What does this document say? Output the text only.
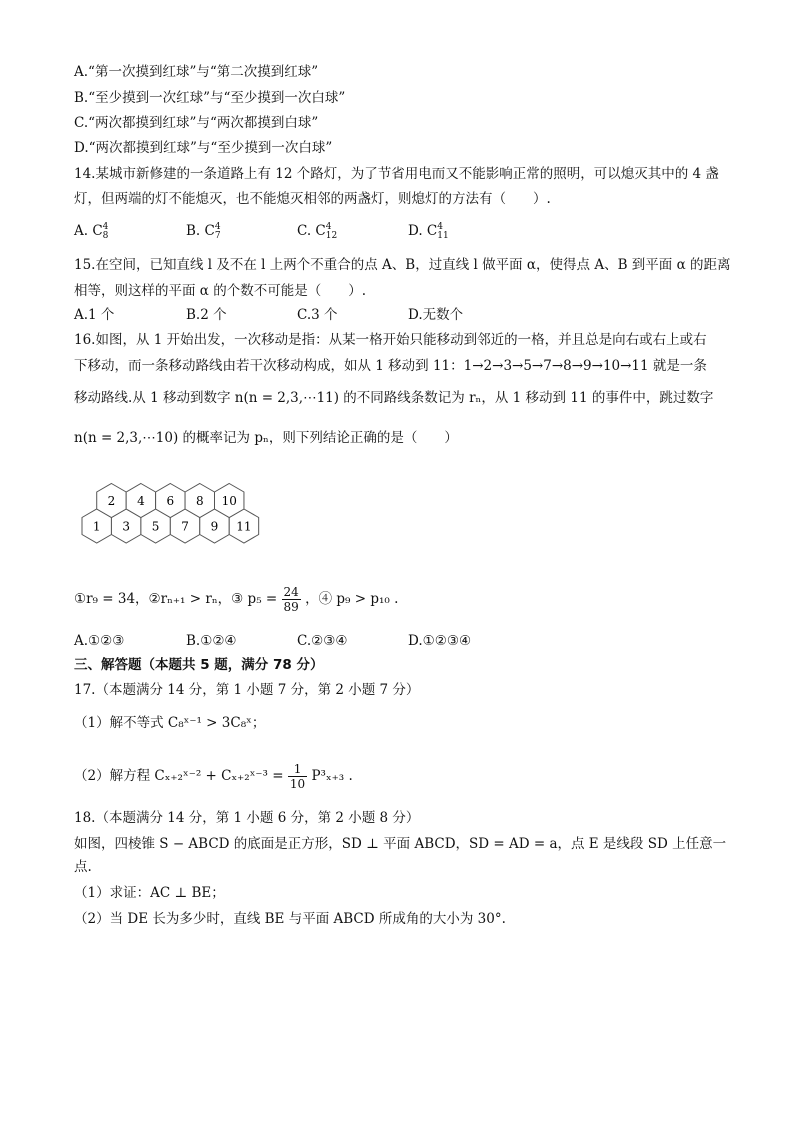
A.“第一次摸到红球”与“第二次摸到红球”
B.“至少摸到一次红球”与“至少摸到一次白球”
C.“两次都摸到红球”与“两次都摸到白球”
D.“两次都摸到红球”与“至少摸到一次白球”
14.某城市新修建的一条道路上有 12 个路灯，为了节省用电而又不能影响正常的照明，可以熄灭其中的 4 盏
灯，但两端的灯不能熄灭，也不能熄灭相邻的两盏灯，则熄灯的方法有（　　）.
A. C4
8	B. C4
7	C. C4
12	D. C4
11
15.在空间，已知直线 l 及不在 l 上两个不重合的点 A、B，过直线 l 做平面 α，使得点 A、B 到平面 α 的距离
相等，则这样的平面 α 的个数不可能是（　　）.
A.1 个	B.2 个	C.3 个	D.无数个
16.如图，从 1 开始出发，一次移动是指：从某一格开始只能移动到邻近的一格，并且总是向右或右上或右
下移动，而一条移动路线由若干次移动构成，如从 1 移动到 11：1→2→3→5→7→8→9→10→11 就是一条
移动路线.从 1 移动到数字 n(n = 2,3,⋯11) 的不同路线条数记为 rₙ，从 1 移动到 11 的事件中，跳过数字
n(n = 2,3,⋯10) 的概率记为 pₙ，则下列结论正确的是（　　）
1 3 5 7 9 11
2 4 6 8 10
①r₉ = 34，②rₙ₊₁ > rₙ，③ $p_5 = \frac{24}{89}$ ，④ p₉ > p₁₀ .
A.①②③	B.①②④	C.②③④	D.①②③④
三、解答题（本题共 5 题，满分 78 分）
17.（本题满分 14 分，第 1 小题 7 分，第 2 小题 7 分）
（1）解不等式 C₈ˣ⁻¹ > 3C₈ˣ；
（2）解方程 Cₓ₊₂ˣ⁻² + Cₓ₊₂ˣ⁻³ = $\frac{1}{10} P^3_{x+3}$ .
18.（本题满分 14 分，第 1 小题 6 分，第 2 小题 8 分）
如图，四棱锥 S − ABCD 的底面是正方形，SD ⊥ 平面 ABCD，SD = AD = a，点 E 是线段 SD 上任意一
点.
（1）求证：AC ⊥ BE；
（2）当 DE 长为多少时，直线 BE 与平面 ABCD 所成角的大小为 30°.
